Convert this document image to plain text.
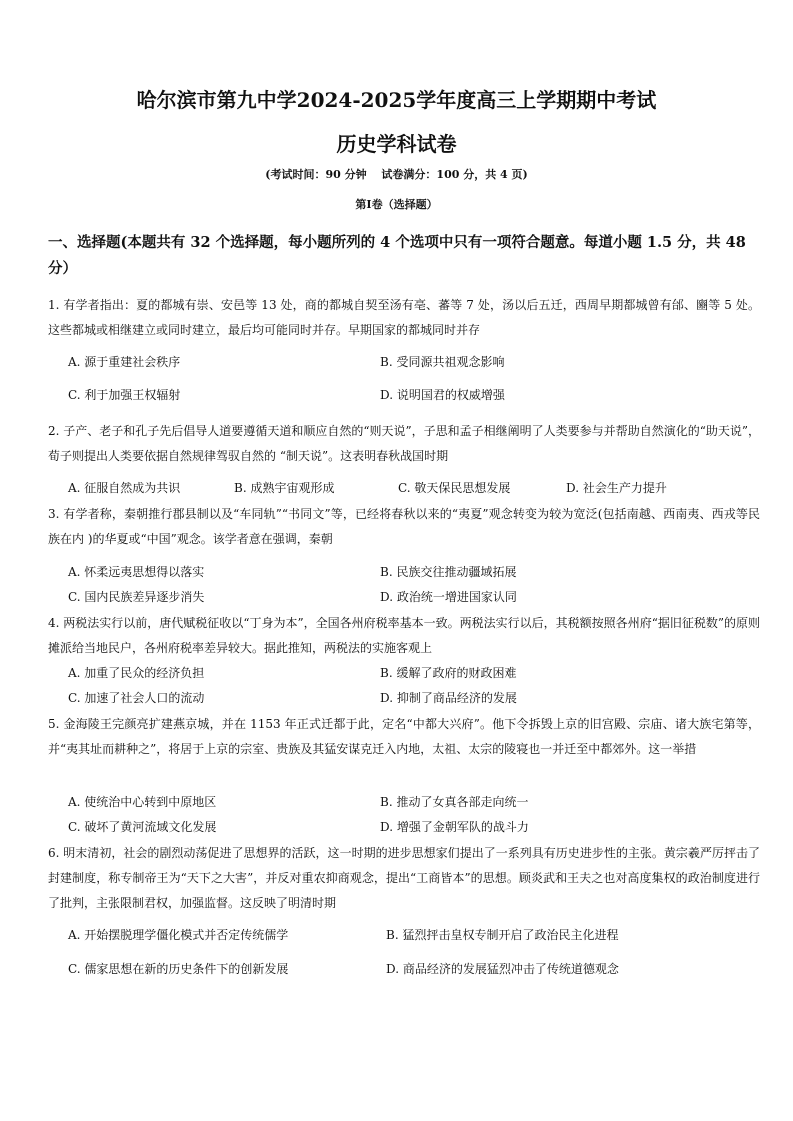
哈尔滨市第九中学2024-2025学年度高三上学期期中考试
历史学科试卷
(考试时间：90 分钟　 试卷满分：100 分，共 4 页)
第Ⅰ卷（选择题）
一、选择题(本题共有 32 个选择题，每小题所列的 4 个选项中只有一项符合题意。每道小题 1.5 分，共 48 分）
1. 有学者指出：夏的都城有崇、安邑等 13 处，商的都城自契至汤有亳、蕃等 7 处，汤以后五迁，西周早期都城曾有邰、豳等 5 处。这些都城或相继建立或同时建立，最后均可能同时并存。早期国家的都城同时并存
A. 源于重建社会秩序	B. 受同源共祖观念影响
C. 利于加强王权辐射	D. 说明国君的权威增强
2. 子产、老子和孔子先后倡导人道要遵循天道和顺应自然的“则天说”，子思和孟子相继阐明了人类要参与并帮助自然演化的“助天说”，荀子则提出人类要依据自然规律驾驭自然的 “制天说”。这表明春秋战国时期
A. 征服自然成为共识	B. 成熟宇宙观形成	C. 敬天保民思想发展	D. 社会生产力提升
3. 有学者称，秦朝推行郡县制以及“车同轨”“书同文”等，已经将春秋以来的“夷夏”观念转变为较为宽泛(包括南越、西南夷、西戎等民族在内 )的华夏或“中国”观念。该学者意在强调，秦朝
A. 怀柔远夷思想得以落实	B. 民族交往推动疆域拓展
C. 国内民族差异逐步消失	D. 政治统一增进国家认同
4. 两税法实行以前，唐代赋税征收以“丁身为本”，全国各州府税率基本一致。两税法实行以后，其税额按照各州府“据旧征税数”的原则摊派给当地民户，各州府税率差异较大。据此推知，两税法的实施客观上
A. 加重了民众的经济负担	B. 缓解了政府的财政困难
C. 加速了社会人口的流动	D. 抑制了商品经济的发展
5. 金海陵王完颜亮扩建燕京城，并在 1153 年正式迁都于此，定名“中都大兴府”。他下令拆毁上京的旧宫殿、宗庙、诸大族宅第等，并“夷其址而耕种之”，将居于上京的宗室、贵族及其猛安谋克迁入内地，太祖、太宗的陵寝也一并迁至中都郊外。这一举措
A. 使统治中心转到中原地区	B. 推动了女真各部走向统一
C. 破坏了黄河流域文化发展	D. 增强了金朝军队的战斗力
6. 明末清初，社会的剧烈动荡促进了思想界的活跃，这一时期的进步思想家们提出了一系列具有历史进步性的主张。黄宗羲严厉抨击了封建制度，称专制帝王为“天下之大害”，并反对重农抑商观念，提出“工商皆本”的思想。顾炎武和王夫之也对高度集权的政治制度进行了批判，主张限制君权，加强监督。这反映了明清时期
A. 开始摆脱理学僵化模式并否定传统儒学	B. 猛烈抨击皇权专制开启了政治民主化进程
C. 儒家思想在新的历史条件下的创新发展	D. 商品经济的发展猛烈冲击了传统道德观念
